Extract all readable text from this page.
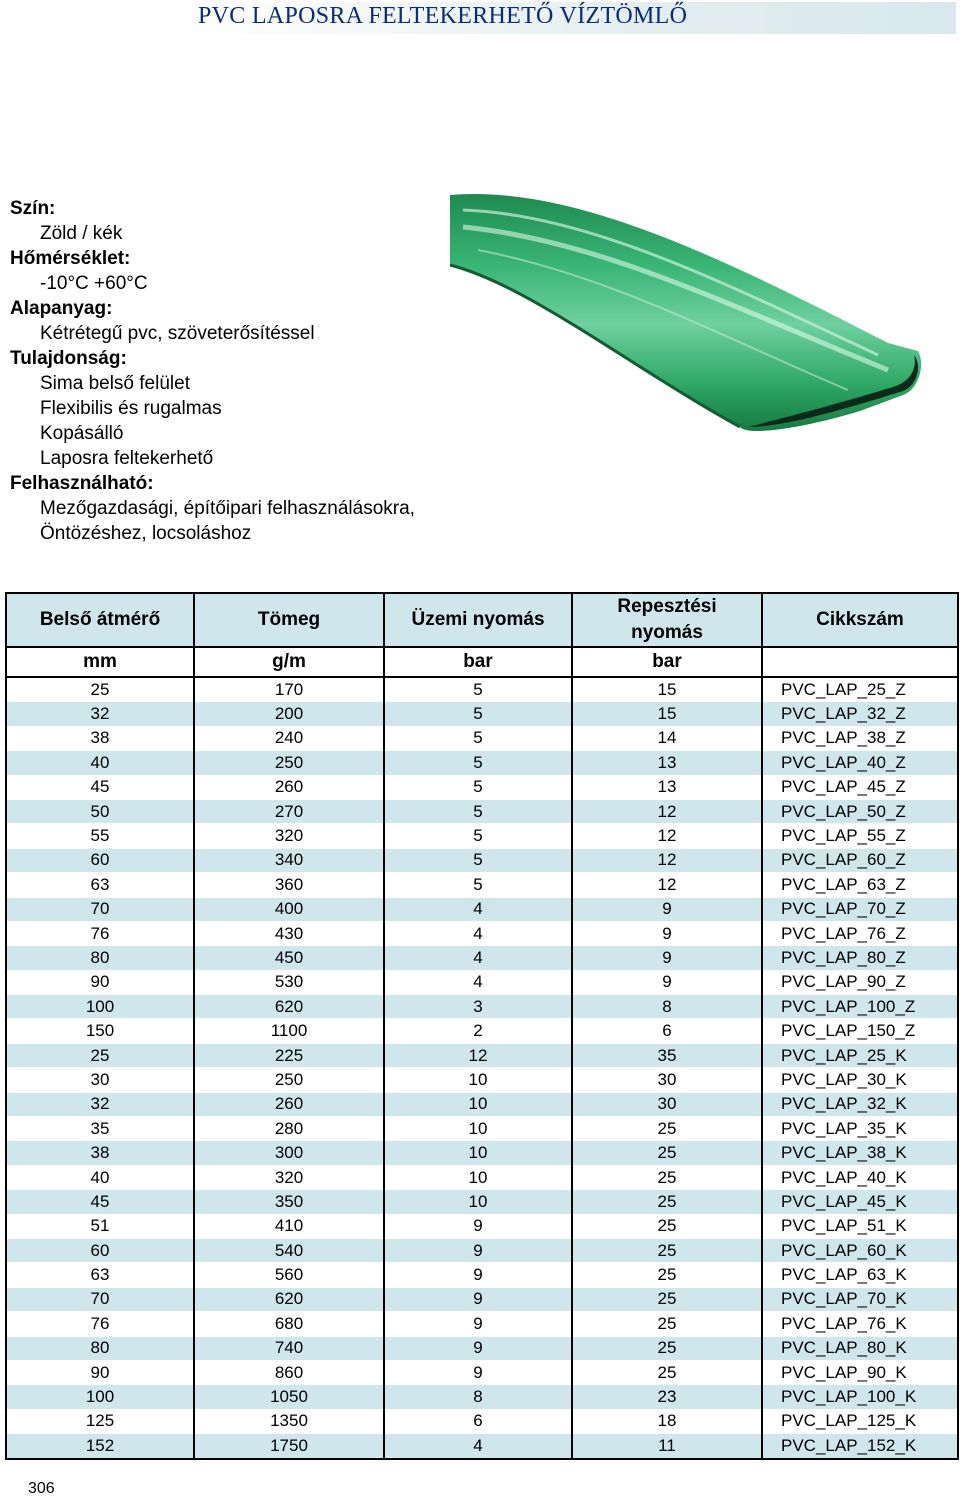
PVC LAPOSRA FELTEKERHETŐ VÍZTÖMLŐ
Szín:
Zöld / kék
Hőmérséklet:
-10°C +60°C
Alapanyag:
Kétrétegű pvc, szöveterősítéssel
Tulajdonság:
Sima belső felület
Flexibilis és rugalmas
Kopásálló
Laposra feltekerhető
Felhasználható:
Mezőgazdasági, építőipari felhasználásokra,
Öntözéshez, locsoláshoz
Belső átmérő	Tömeg	Üzemi nyomás	Repesztési nyomás	Cikkszám
mm	g/m	bar	bar	
25	170	5	15	PVC_LAP_25_Z
32	200	5	15	PVC_LAP_32_Z
38	240	5	14	PVC_LAP_38_Z
40	250	5	13	PVC_LAP_40_Z
45	260	5	13	PVC_LAP_45_Z
50	270	5	12	PVC_LAP_50_Z
55	320	5	12	PVC_LAP_55_Z
60	340	5	12	PVC_LAP_60_Z
63	360	5	12	PVC_LAP_63_Z
70	400	4	9	PVC_LAP_70_Z
76	430	4	9	PVC_LAP_76_Z
80	450	4	9	PVC_LAP_80_Z
90	530	4	9	PVC_LAP_90_Z
100	620	3	8	PVC_LAP_100_Z
150	1100	2	6	PVC_LAP_150_Z
25	225	12	35	PVC_LAP_25_K
30	250	10	30	PVC_LAP_30_K
32	260	10	30	PVC_LAP_32_K
35	280	10	25	PVC_LAP_35_K
38	300	10	25	PVC_LAP_38_K
40	320	10	25	PVC_LAP_40_K
45	350	10	25	PVC_LAP_45_K
51	410	9	25	PVC_LAP_51_K
60	540	9	25	PVC_LAP_60_K
63	560	9	25	PVC_LAP_63_K
70	620	9	25	PVC_LAP_70_K
76	680	9	25	PVC_LAP_76_K
80	740	9	25	PVC_LAP_80_K
90	860	9	25	PVC_LAP_90_K
100	1050	8	23	PVC_LAP_100_K
125	1350	6	18	PVC_LAP_125_K
152	1750	4	11	PVC_LAP_152_K
306
